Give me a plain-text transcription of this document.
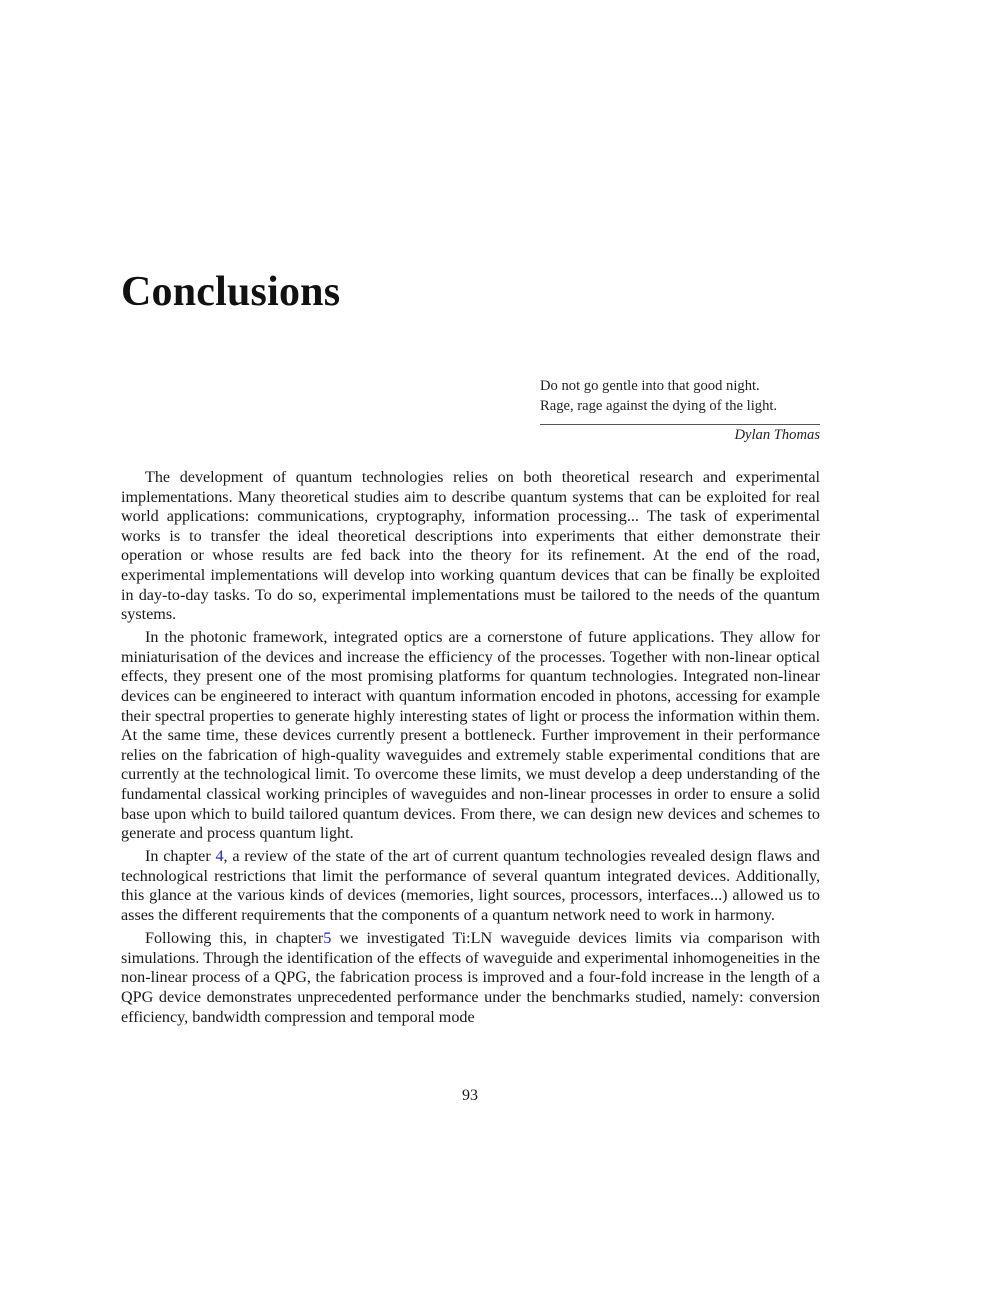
Conclusions
Do not go gentle into that good night.
Rage, rage against the dying of the light.
Dylan Thomas

The development of quantum technologies relies on both theoretical research and experimental implementations. Many theoretical studies aim to describe quantum systems that can be exploited for real world applications: communications, cryptography, information processing... The task of experimental works is to transfer the ideal theoretical descriptions into experiments that either demonstrate their operation or whose results are fed back into the theory for its refinement. At the end of the road, experimental implementations will develop into working quantum devices that can be finally be exploited in day-to-day tasks. To do so, experimental implementations must be tailored to the needs of the quantum systems.

In the photonic framework, integrated optics are a cornerstone of future applications. They allow for miniaturisation of the devices and increase the efficiency of the processes. Together with non-linear optical effects, they present one of the most promising platforms for quantum technologies. Integrated non-linear devices can be engineered to interact with quantum information encoded in photons, accessing for example their spectral properties to generate highly interesting states of light or process the information within them. At the same time, these devices currently present a bottleneck. Further improvement in their performance relies on the fabrication of high-quality waveguides and extremely stable experimental conditions that are currently at the technological limit. To overcome these limits, we must develop a deep understanding of the fundamental classical working principles of waveguides and non-linear processes in order to ensure a solid base upon which to build tailored quantum devices. From there, we can design new devices and schemes to generate and process quantum light.

In chapter 4, a review of the state of the art of current quantum technologies revealed design flaws and technological restrictions that limit the performance of several quantum integrated devices. Additionally, this glance at the various kinds of devices (memories, light sources, processors, interfaces...) allowed us to asses the different requirements that the components of a quantum network need to work in harmony.

Following this, in chapter5 we investigated Ti:LN waveguide devices limits via comparison with simulations. Through the identification of the effects of waveguide and experimental inhomogeneities in the non-linear process of a QPG, the fabrication process is improved and a four-fold increase in the length of a QPG device demonstrates unprecedented performance under the benchmarks studied, namely: conversion efficiency, bandwidth compression and temporal mode

93
